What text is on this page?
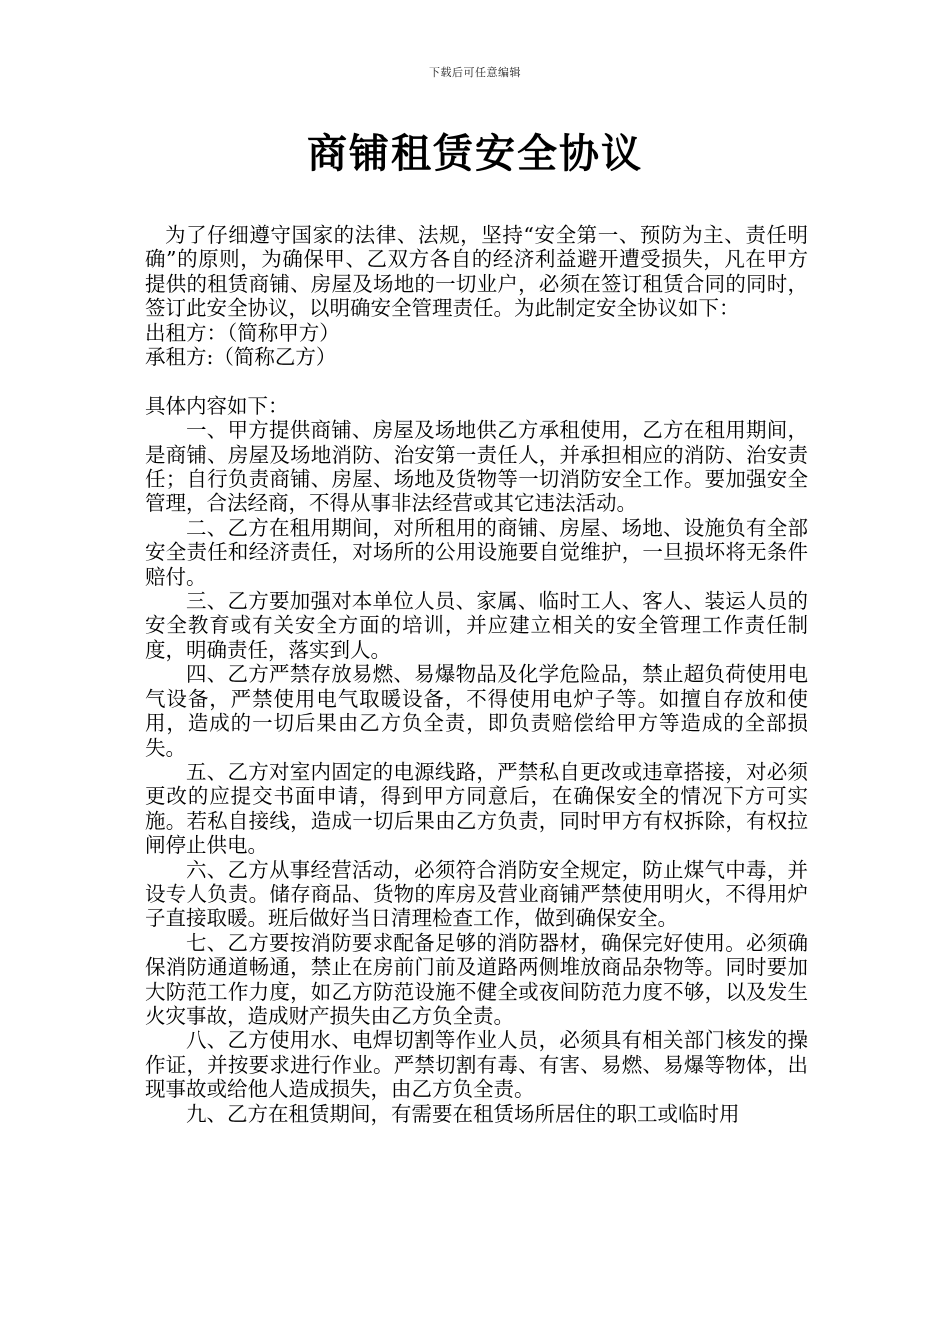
下载后可任意编辑
商铺租赁安全协议

为了仔细遵守国家的法律、法规，坚持“安全第一、预防为主、责任明确”的原则，为确保甲、乙双方各自的经济利益避开遭受损失，凡在甲方提供的租赁商铺、房屋及场地的一切业户，必须在签订租赁合同的同时，签订此安全协议，以明确安全管理责任。为此制定安全协议如下：

出租方：（简称甲方）

承租方:（简称乙方）

具体内容如下：

一、甲方提供商铺、房屋及场地供乙方承租使用，乙方在租用期间，是商铺、房屋及场地消防、治安第一责任人，并承担相应的消防、治安责任；自行负责商铺、房屋、场地及货物等一切消防安全工作。要加强安全管理，合法经商，不得从事非法经营或其它违法活动。

二、乙方在租用期间，对所租用的商铺、房屋、场地、设施负有全部安全责任和经济责任，对场所的公用设施要自觉维护，一旦损坏将无条件赔付。

三、乙方要加强对本单位人员、家属、临时工人、客人、装运人员的安全教育或有关安全方面的培训，并应建立相关的安全管理工作责任制度，明确责任，落实到人。

四、乙方严禁存放易燃、易爆物品及化学危险品，禁止超负荷使用电气设备，严禁使用电气取暖设备，不得使用电炉子等。如擅自存放和使用，造成的一切后果由乙方负全责，即负责赔偿给甲方等造成的全部损失。

五、乙方对室内固定的电源线路，严禁私自更改或违章搭接，对必须更改的应提交书面申请，得到甲方同意后，在确保安全的情况下方可实施。若私自接线，造成一切后果由乙方负责，同时甲方有权拆除，有权拉闸停止供电。

六、乙方从事经营活动，必须符合消防安全规定，防止煤气中毒，并设专人负责。储存商品、货物的库房及营业商铺严禁使用明火，不得用炉子直接取暖。班后做好当日清理检查工作，做到确保安全。

七、乙方要按消防要求配备足够的消防器材，确保完好使用。必须确保消防通道畅通，禁止在房前门前及道路两侧堆放商品杂物等。同时要加大防范工作力度，如乙方防范设施不健全或夜间防范力度不够，以及发生火灾事故，造成财产损失由乙方负全责。

八、乙方使用水、电焊切割等作业人员，必须具有相关部门核发的操作证，并按要求进行作业。严禁切割有毒、有害、易燃、易爆等物体，出现事故或给他人造成损失，由乙方负全责。

九、乙方在租赁期间，有需要在租赁场所居住的职工或临时用
